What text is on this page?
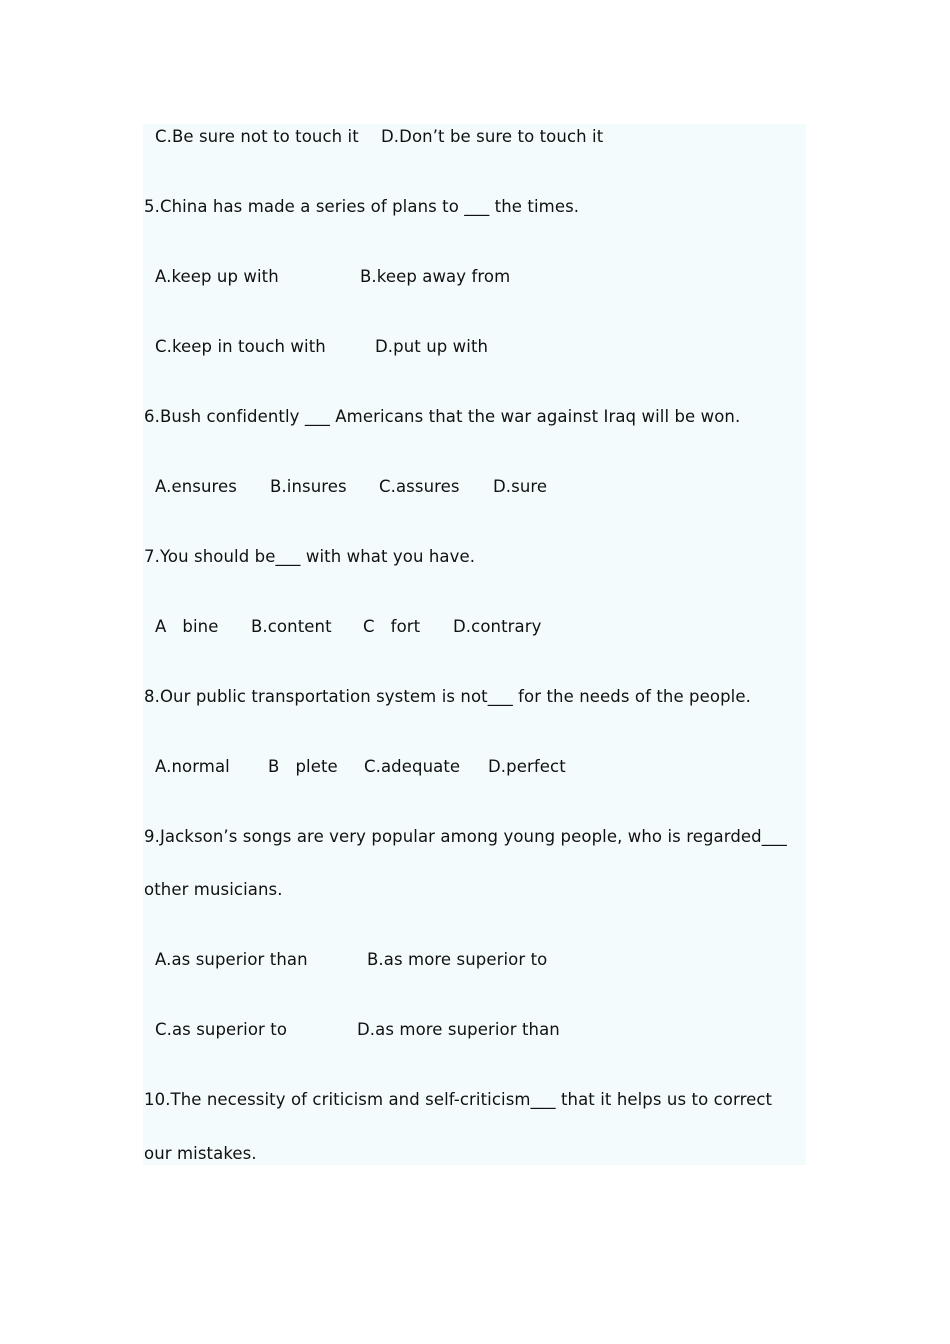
C.Be sure not to touch it D.Don’t be sure to touch it
5.China has made a series of plans to ___ the times.
A.keep up with	B.keep away from
C.keep in touch with	D.put up with
6.Bush confidently ___ Americans that the war against Iraq will be won.
A.ensures B.insures C.assures D.sure
7.You should be___ with what you have.
A   bine B.content C   fort D.contrary
8.Our public transportation system is not___ for the needs of the people.
A.normal B   plete C.adequate D.perfect
9.Jackson’s songs are very popular among young people, who is regarded___
other musicians.
A.as superior than	B.as more superior to
C.as superior to	D.as more superior than
10.The necessity of criticism and self-criticism___ that it helps us to correct
our mistakes.
